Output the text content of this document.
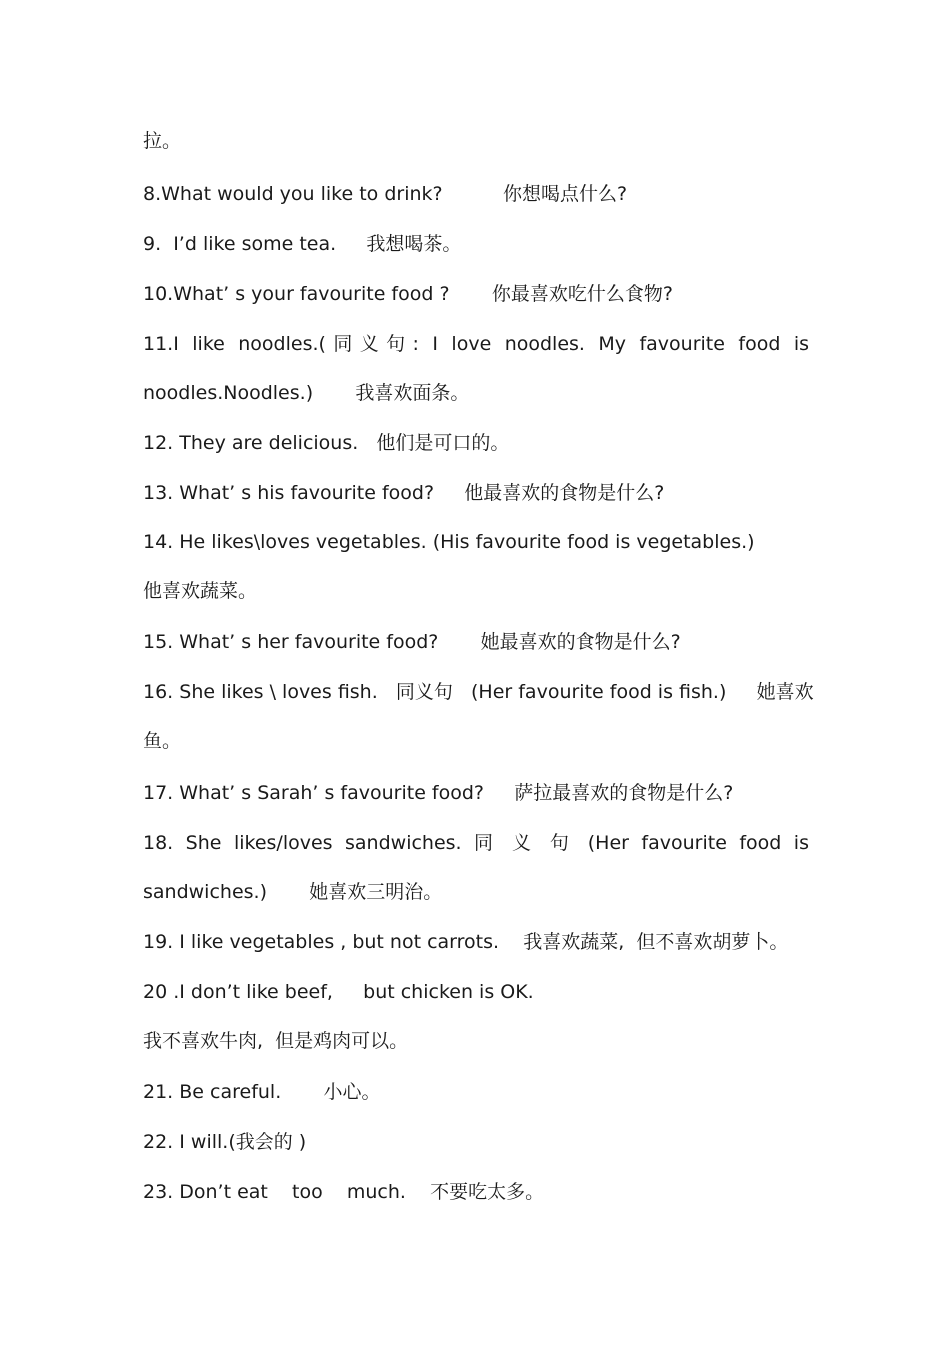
拉。
8.What would you like to drink?          你想喝点什么?
9.  I’d like some tea.     我想喝茶。
10.What’ s your favourite food ?       你最喜欢吃什么食物?
11.I like noodles.(同义句: I love noodles. My favourite food is
noodles.Noodles.)       我喜欢面条。
12. They are delicious.   他们是可口的。
13. What’ s his favourite food?     他最喜欢的食物是什么?
14. He likes\loves vegetables. (His favourite food is vegetables.)
他喜欢蔬菜。
15. What’ s her favourite food?       她最喜欢的食物是什么?
16. She likes \ loves fish.   同义句   (Her favourite food is fish.)     她喜欢
鱼。
17. What’ s Sarah’ s favourite food?     萨拉最喜欢的食物是什么?
18. She likes/loves sandwiches. 同 义 句 (Her favourite food is
sandwiches.)       她喜欢三明治。
19. I like vegetables , but not carrots.    我喜欢蔬菜,  但不喜欢胡萝卜。
20 .I don’t like beef,     but chicken is OK.
我不喜欢牛肉,  但是鸡肉可以。
21. Be careful.       小心。
22. I will.(我会的 )
23. Don’t eat    too    much.    不要吃太多。
